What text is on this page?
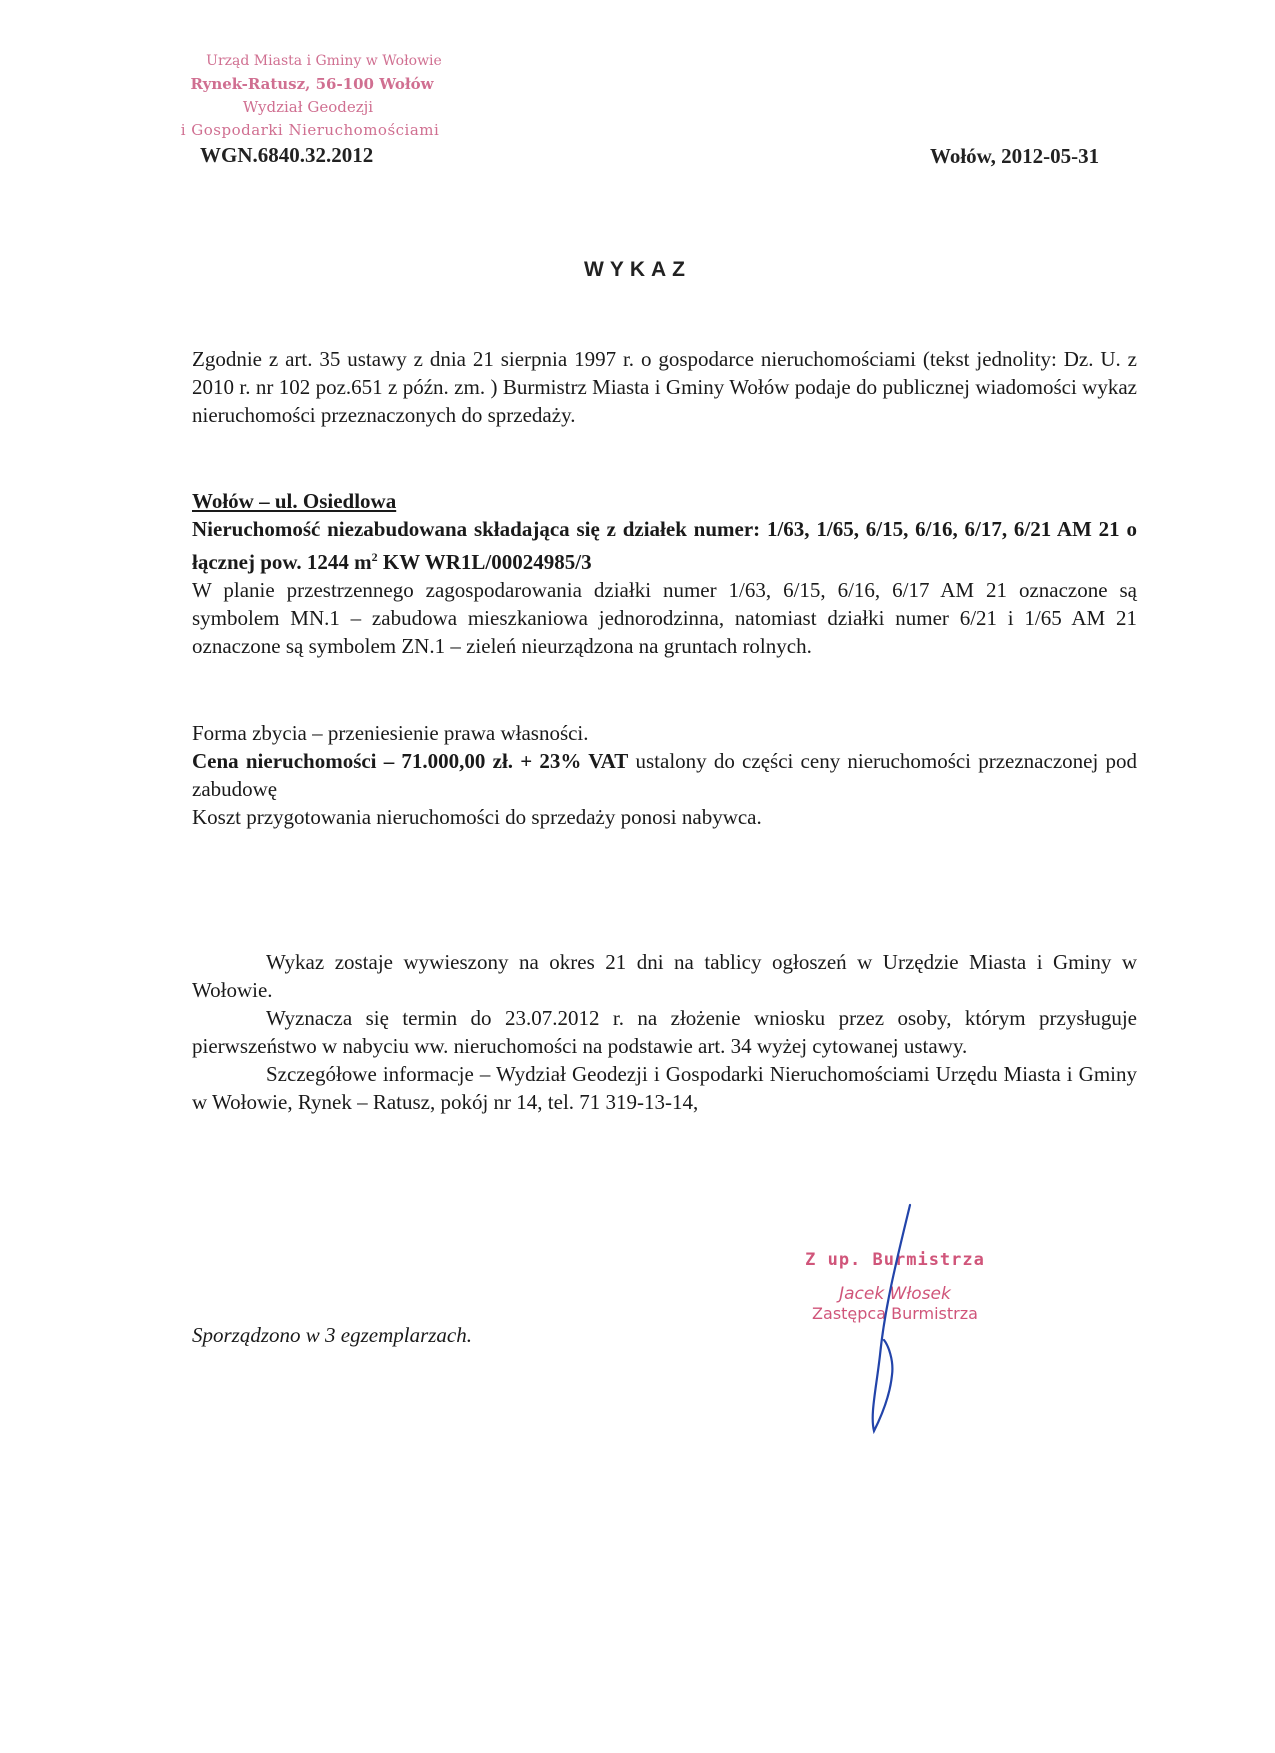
Urząd Miasta i Gminy w Wołowie
Rynek-Ratusz, 56-100 Wołów
Wydział Geodezji
i Gospodarki Nieruchomościami
WGN.6840.32.2012	Wołów, 2012-05-31
WYKAZ
Zgodnie z art. 35 ustawy z dnia 21 sierpnia 1997 r. o gospodarce nieruchomościami (tekst jednolity: Dz. U. z 2010 r. nr 102 poz.651 z późn. zm. ) Burmistrz Miasta i Gminy Wołów podaje do publicznej wiadomości wykaz nieruchomości przeznaczonych do sprzedaży.
Wołów – ul. Osiedlowa
Nieruchomość niezabudowana składająca się z działek numer: 1/63, 1/65, 6/15, 6/16, 6/17, 6/21 AM 21 o łącznej pow. 1244 $m^2$ KW WR1L/00024985/3
W planie przestrzennego zagospodarowania działki numer 1/63, 6/15, 6/16, 6/17 AM 21 oznaczone są symbolem MN.1 – zabudowa mieszkaniowa jednorodzinna, natomiast działki numer 6/21 i 1/65 AM 21 oznaczone są symbolem ZN.1 – zieleń nieurządzona na gruntach rolnych.
Forma zbycia – przeniesienie prawa własności.
Cena nieruchomości – 71.000,00 zł. + 23% VAT ustalony do części ceny nieruchomości przeznaczonej pod zabudowę
Koszt przygotowania nieruchomości do sprzedaży ponosi nabywca.
Wykaz zostaje wywieszony na okres 21 dni na tablicy ogłoszeń w Urzędzie Miasta i Gminy w Wołowie.
Wyznacza się termin do 23.07.2012 r. na złożenie wniosku przez osoby, którym przysługuje pierwszeństwo w nabyciu ww. nieruchomości na podstawie art. 34 wyżej cytowanej ustawy.
Szczegółowe informacje – Wydział Geodezji i Gospodarki Nieruchomościami Urzędu Miasta i Gminy w Wołowie, Rynek – Ratusz, pokój nr 14, tel. 71 319-13-14,
Z up. Burmistrza
Jacek Włosek
Zastępca Burmistrza
Sporządzono w 3 egzemplarzach.
